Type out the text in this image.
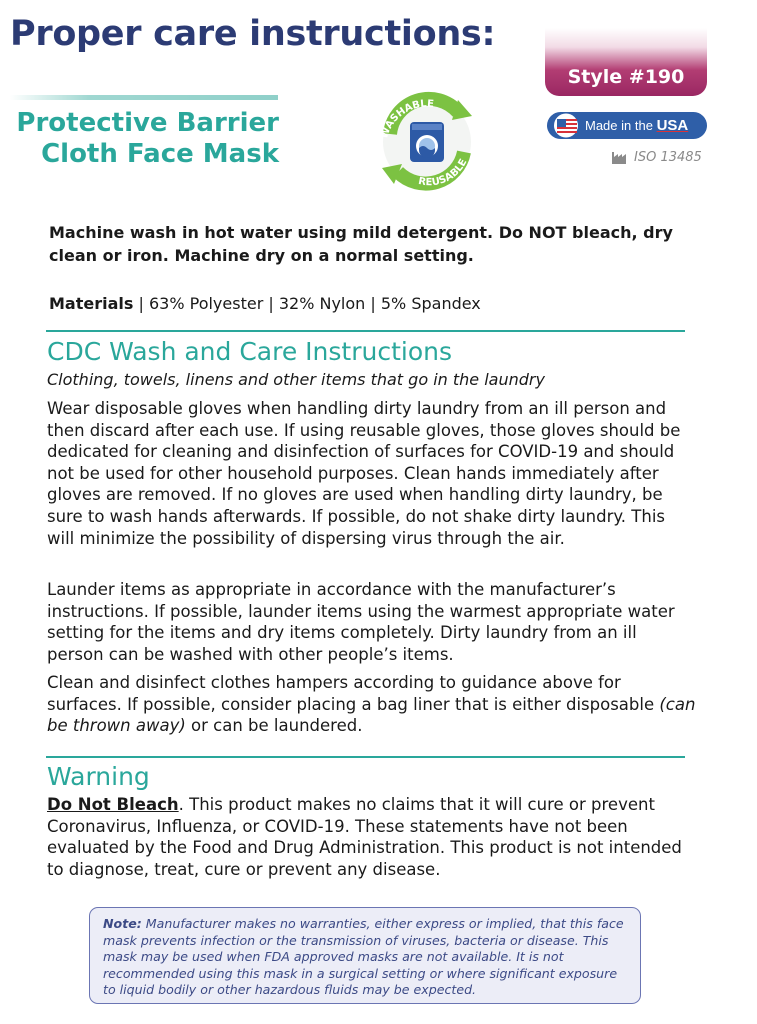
Proper care instructions:
Style #190
Protective Barrier
Cloth Face Mask
WASHABLE
REUSABLE
Made in the USA
ISO 13485

Machine wash in hot water using mild detergent. Do NOT bleach, dry clean or iron. Machine dry on a normal setting.

Materials | 63% Polyester | 32% Nylon | 5% Spandex
CDC Wash and Care Instructions
Clothing, towels, linens and other items that go in the laundry

Wear disposable gloves when handling dirty laundry from an ill person and then discard after each use. If using reusable gloves, those gloves should be dedicated for cleaning and disinfection of surfaces for COVID-19 and should not be used for other household purposes. Clean hands immediately after gloves are removed. If no gloves are used when handling dirty laundry, be sure to wash hands afterwards. If possible, do not shake dirty laundry. This will minimize the possibility of dispersing virus through the air.

Launder items as appropriate in accordance with the manufacturer’s instructions. If possible, launder items using the warmest appropriate water setting for the items and dry items completely. Dirty laundry from an ill person can be washed with other people’s items.

Clean and disinfect clothes hampers according to guidance above for surfaces. If possible, consider placing a bag liner that is either disposable (can be thrown away) or can be laundered.

Warning

Do Not Bleach. This product makes no claims that it will cure or prevent Coronavirus, Influenza, or COVID-19. These statements have not been evaluated by the Food and Drug Administration. This product is not intended to diagnose, treat, cure or prevent any disease.

Note: Manufacturer makes no warranties, either express or implied, that this face mask prevents infection or the transmission of viruses, bacteria or disease. This mask may be used when FDA approved masks are not available. It is not recommended using this mask in a surgical setting or where significant exposure to liquid bodily or other hazardous fluids may be expected.
